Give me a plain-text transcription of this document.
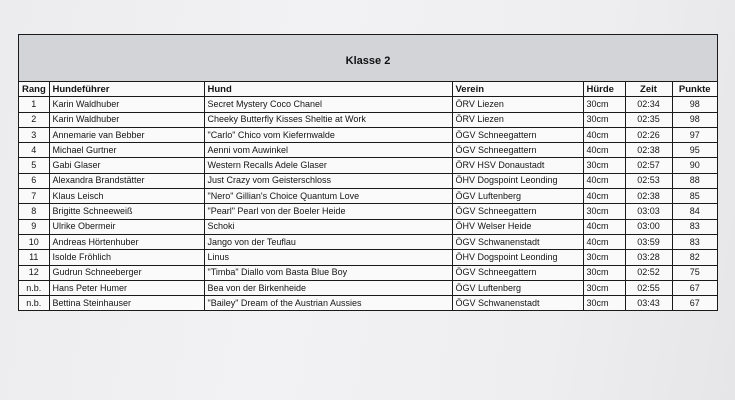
Klasse 2
Rang	Hundeführer	Hund	Verein	Hürde	Zeit	Punkte
1	Karin Waldhuber	Secret Mystery Coco Chanel	ÖRV Liezen	30cm	02:34	98
2	Karin Waldhuber	Cheeky Butterfly Kisses Sheltie at Work	ÖRV Liezen	30cm	02:35	98
3	Annemarie van Bebber	"Carlo" Chico vom Kiefernwalde	ÖGV Schneegattern	40cm	02:26	97
4	Michael Gurtner	Aenni vom Auwinkel	ÖGV Schneegattern	40cm	02:38	95
5	Gabi Glaser	Western Recalls Adele Glaser	ÖRV HSV Donaustadt	30cm	02:57	90
6	Alexandra Brandstätter	Just Crazy vom Geisterschloss	ÖHV Dogspoint Leonding	40cm	02:53	88
7	Klaus Leisch	"Nero" Gillian's Choice Quantum Love	ÖGV Luftenberg	40cm	02:38	85
8	Brigitte Schneeweiß	"Pearl" Pearl von der Boeler Heide	ÖGV Schneegattern	30cm	03:03	84
9	Ulrike Obermeir	Schoki	ÖHV Welser Heide	40cm	03:00	83
10	Andreas Hörtenhuber	Jango von der Teuflau	ÖGV Schwanenstadt	40cm	03:59	83
11	Isolde Fröhlich	Linus	ÖHV Dogspoint Leonding	30cm	03:28	82
12	Gudrun Schneeberger	"Timba" Diallo vom Basta Blue Boy	ÖGV Schneegattern	30cm	02:52	75
n.b.	Hans Peter Humer	Bea von der Birkenheide	ÖGV Luftenberg	30cm	02:55	67
n.b.	Bettina Steinhauser	"Bailey" Dream of the Austrian Aussies	ÖGV Schwanenstadt	30cm	03:43	67
